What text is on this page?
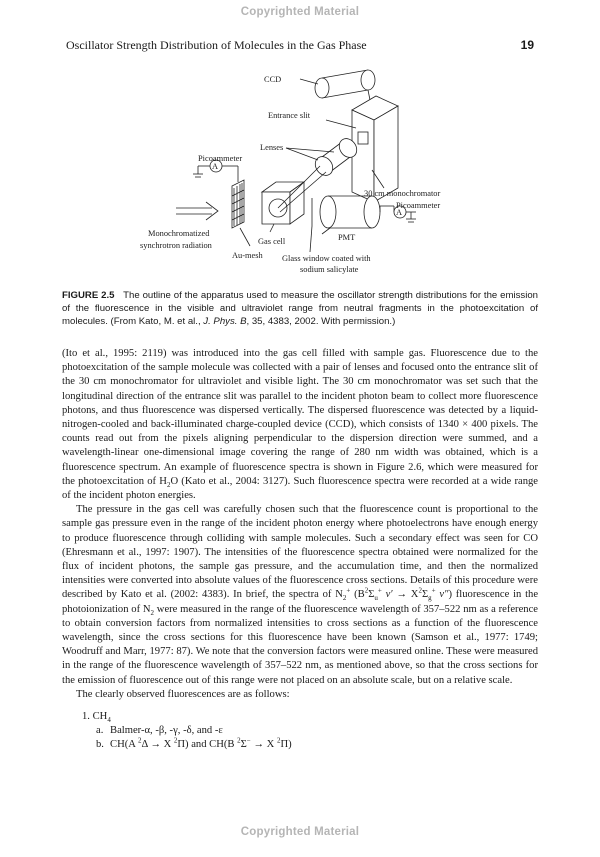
Copyrighted Material
Oscillator Strength Distribution of Molecules in the Gas Phase	19
CCD
Entrance slit
Lenses
Picoammeter
A
30 cm monochromator
Picoammeter
A
Monochromatized
synchrotron radiation	Gas cell	PMT
Au-mesh Glass window coated with
sodium salicylate
FIGURE 2.5 The outline of the apparatus used to measure the oscillator strength distributions for the emission of the fluorescence in the visible and ultraviolet range from neutral fragments in the photoexcitation of molecules. (From Kato, M. et al., J. Phys. B, 35, 4383, 2002. With permission.)

(Ito et al., 1995: 2119) was introduced into the gas cell filled with sample gas. Fluorescence due to the photoexcitation of the sample molecule was collected with a pair of lenses and focused onto the entrance slit of the 30 cm monochromator for ultraviolet and visible light. The 30 cm monochromator was set such that the longitudinal direction of the entrance slit was parallel to the incident photon beam to collect more fluorescence photons, and thus fluorescence was dispersed vertically. The dispersed fluorescence was detected by a liquid-nitrogen-cooled and back-illuminated charge-coupled device (CCD), which consists of 1340 × 400 pixels. The counts read out from the pixels aligning perpendicular to the dispersion direction were summed, and a wavelength-linear one-dimensional image covering the range of 280 nm width was obtained, which is a fluorescence spectrum. An example of fluorescence spectra is shown in Figure 2.6, which were measured for the photoexcitation of $H_2O$ (Kato et al., 2004: 3127). Such fluorescence spectra were recorded at a wide range of the incident photon energies.

The pressure in the gas cell was carefully chosen such that the fluorescence count is proportional to the sample gas pressure even in the range of the incident photon energy where photoelectrons have enough energy to produce fluorescence through colliding with sample molecules. Such a secondary effect was seen for CO (Ehresmann et al., 1997: 1907). The intensities of the fluorescence spectra obtained were normalized for the flux of incident photons, the sample gas pressure, and the accumulation time, and then the normalized intensities were converted into absolute values of the fluorescence cross sections. Details of this procedure were described by Kato et al. (2002: 4383). In brief, the spectra of $N_2^+$ ($B^2\Sigma_u^+$ $v' \to X^2\Sigma_g^+$ v″) fluorescence in the photoionization of $N_2$ were measured in the range of the fluorescence wavelength of 357–522 nm as a reference to obtain conversion factors from normalized intensities to cross sections as a function of the fluorescence wavelength, since the cross sections for this fluorescence have been known (Samson et al., 1977: 1749; Woodruff and Marr, 1977: 87). We note that the conversion factors were measured online. These were measured in the range of the fluorescence wavelength of 357–522 nm, as mentioned above, so that the cross sections for the emission of fluorescence out of this range were not placed on an absolute scale, but on a relative scale.

The clearly observed fluorescences are as follows:

1. $CH_4$
a. Balmer-α, -β, -γ, -δ, and -ε
b. CH(A $^2$Δ → X $^2$Π) and CH(B $^2$Σ− → X $^2$Π)
Copyrighted Material
